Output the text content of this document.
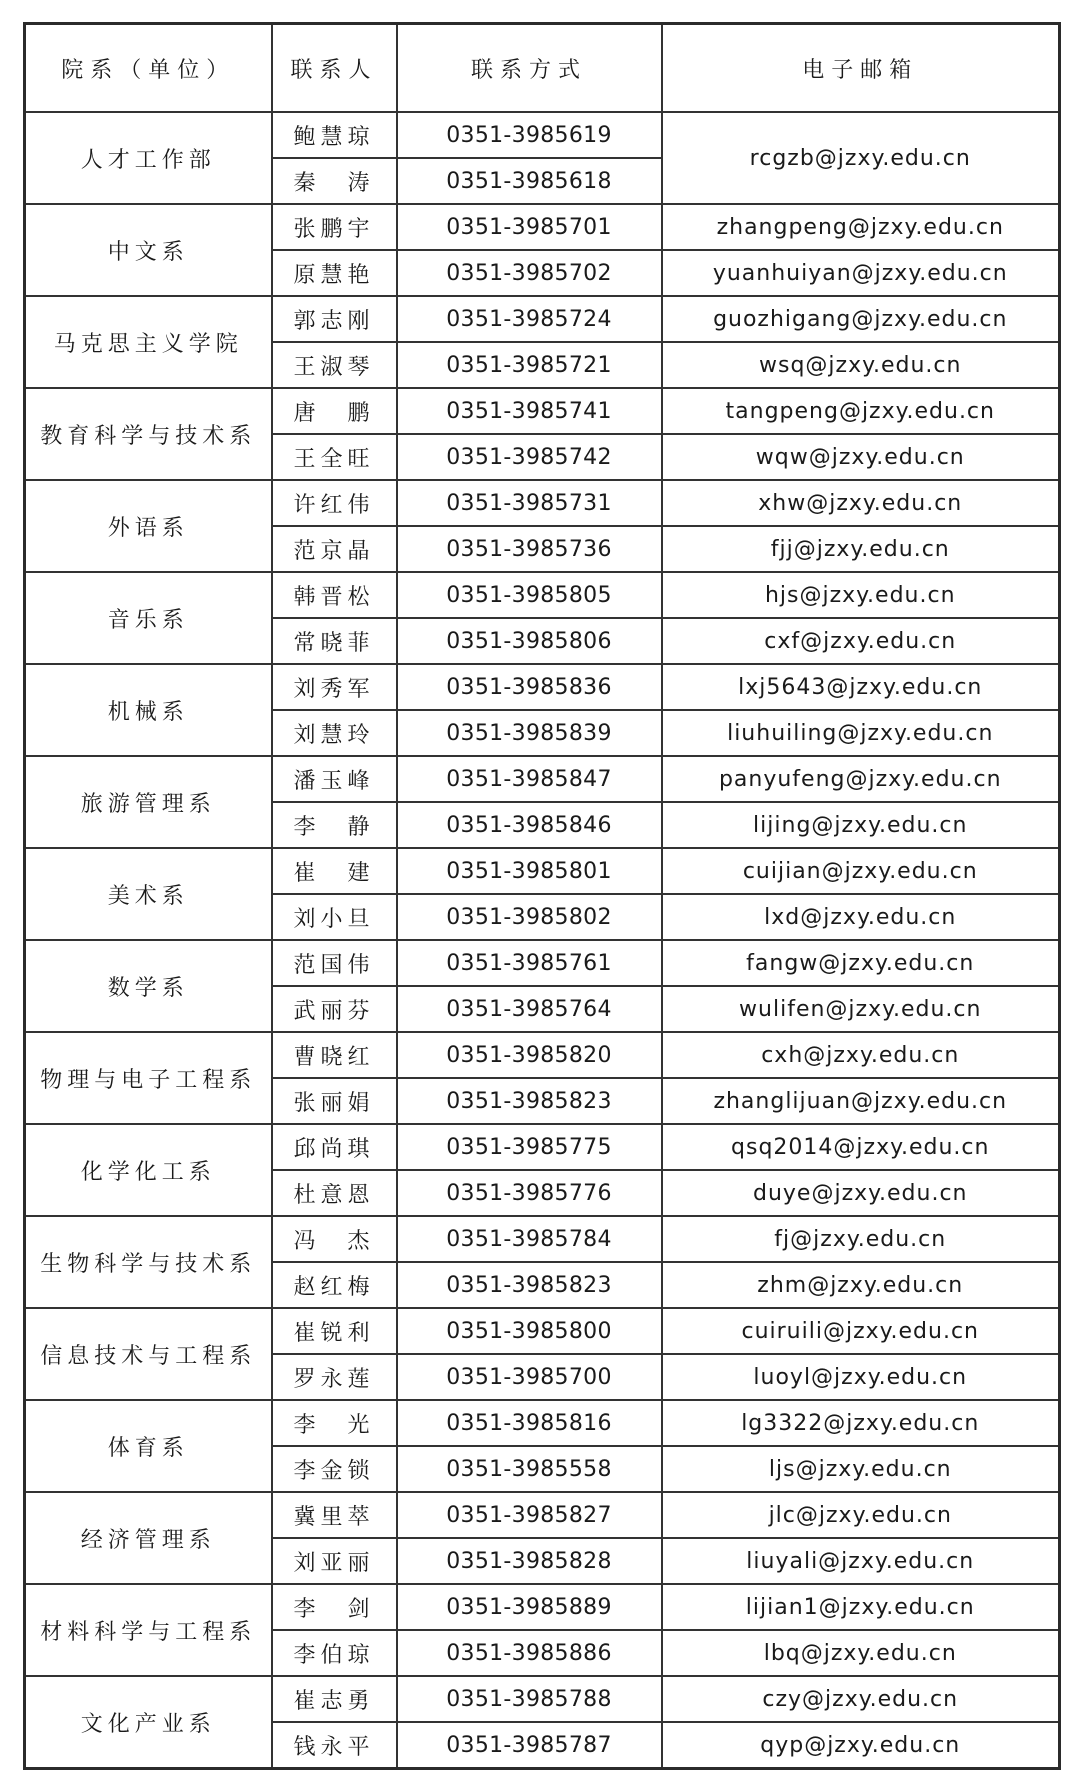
院系（单位）	联系人	联系方式	电子邮箱
人才工作部	鲍慧琼	0351-3985619	rcgzb@jzxy.edu.cn
	秦　涛	0351-3985618	
中文系	张鹏宇	0351-3985701	zhangpeng@jzxy.edu.cn
	原慧艳	0351-3985702	yuanhuiyan@jzxy.edu.cn
马克思主义学院	郭志刚	0351-3985724	guozhigang@jzxy.edu.cn
	王淑琴	0351-3985721	wsq@jzxy.edu.cn
教育科学与技术系	唐　鹏	0351-3985741	tangpeng@jzxy.edu.cn
	王全旺	0351-3985742	wqw@jzxy.edu.cn
外语系	许红伟	0351-3985731	xhw@jzxy.edu.cn
	范京晶	0351-3985736	fjj@jzxy.edu.cn
音乐系	韩晋松	0351-3985805	hjs@jzxy.edu.cn
	常晓菲	0351-3985806	cxf@jzxy.edu.cn
机械系	刘秀军	0351-3985836	lxj5643@jzxy.edu.cn
	刘慧玲	0351-3985839	liuhuiling@jzxy.edu.cn
旅游管理系	潘玉峰	0351-3985847	panyufeng@jzxy.edu.cn
	李　静	0351-3985846	lijing@jzxy.edu.cn
美术系	崔　建	0351-3985801	cuijian@jzxy.edu.cn
	刘小旦	0351-3985802	lxd@jzxy.edu.cn
数学系	范国伟	0351-3985761	fangw@jzxy.edu.cn
	武丽芬	0351-3985764	wulifen@jzxy.edu.cn
物理与电子工程系	曹晓红	0351-3985820	cxh@jzxy.edu.cn
	张丽娟	0351-3985823	zhanglijuan@jzxy.edu.cn
化学化工系	邱尚琪	0351-3985775	qsq2014@jzxy.edu.cn
	杜意恩	0351-3985776	duye@jzxy.edu.cn
生物科学与技术系	冯　杰	0351-3985784	fj@jzxy.edu.cn
	赵红梅	0351-3985823	zhm@jzxy.edu.cn
信息技术与工程系	崔锐利	0351-3985800	cuiruili@jzxy.edu.cn
	罗永莲	0351-3985700	luoyl@jzxy.edu.cn
体育系	李　光	0351-3985816	lg3322@jzxy.edu.cn
	李金锁	0351-3985558	ljs@jzxy.edu.cn
经济管理系	冀里萃	0351-3985827	jlc@jzxy.edu.cn
	刘亚丽	0351-3985828	liuyali@jzxy.edu.cn
材料科学与工程系	李　剑	0351-3985889	lijian1@jzxy.edu.cn
	李伯琼	0351-3985886	lbq@jzxy.edu.cn
文化产业系	崔志勇	0351-3985788	czy@jzxy.edu.cn
	钱永平	0351-3985787	qyp@jzxy.edu.cn
